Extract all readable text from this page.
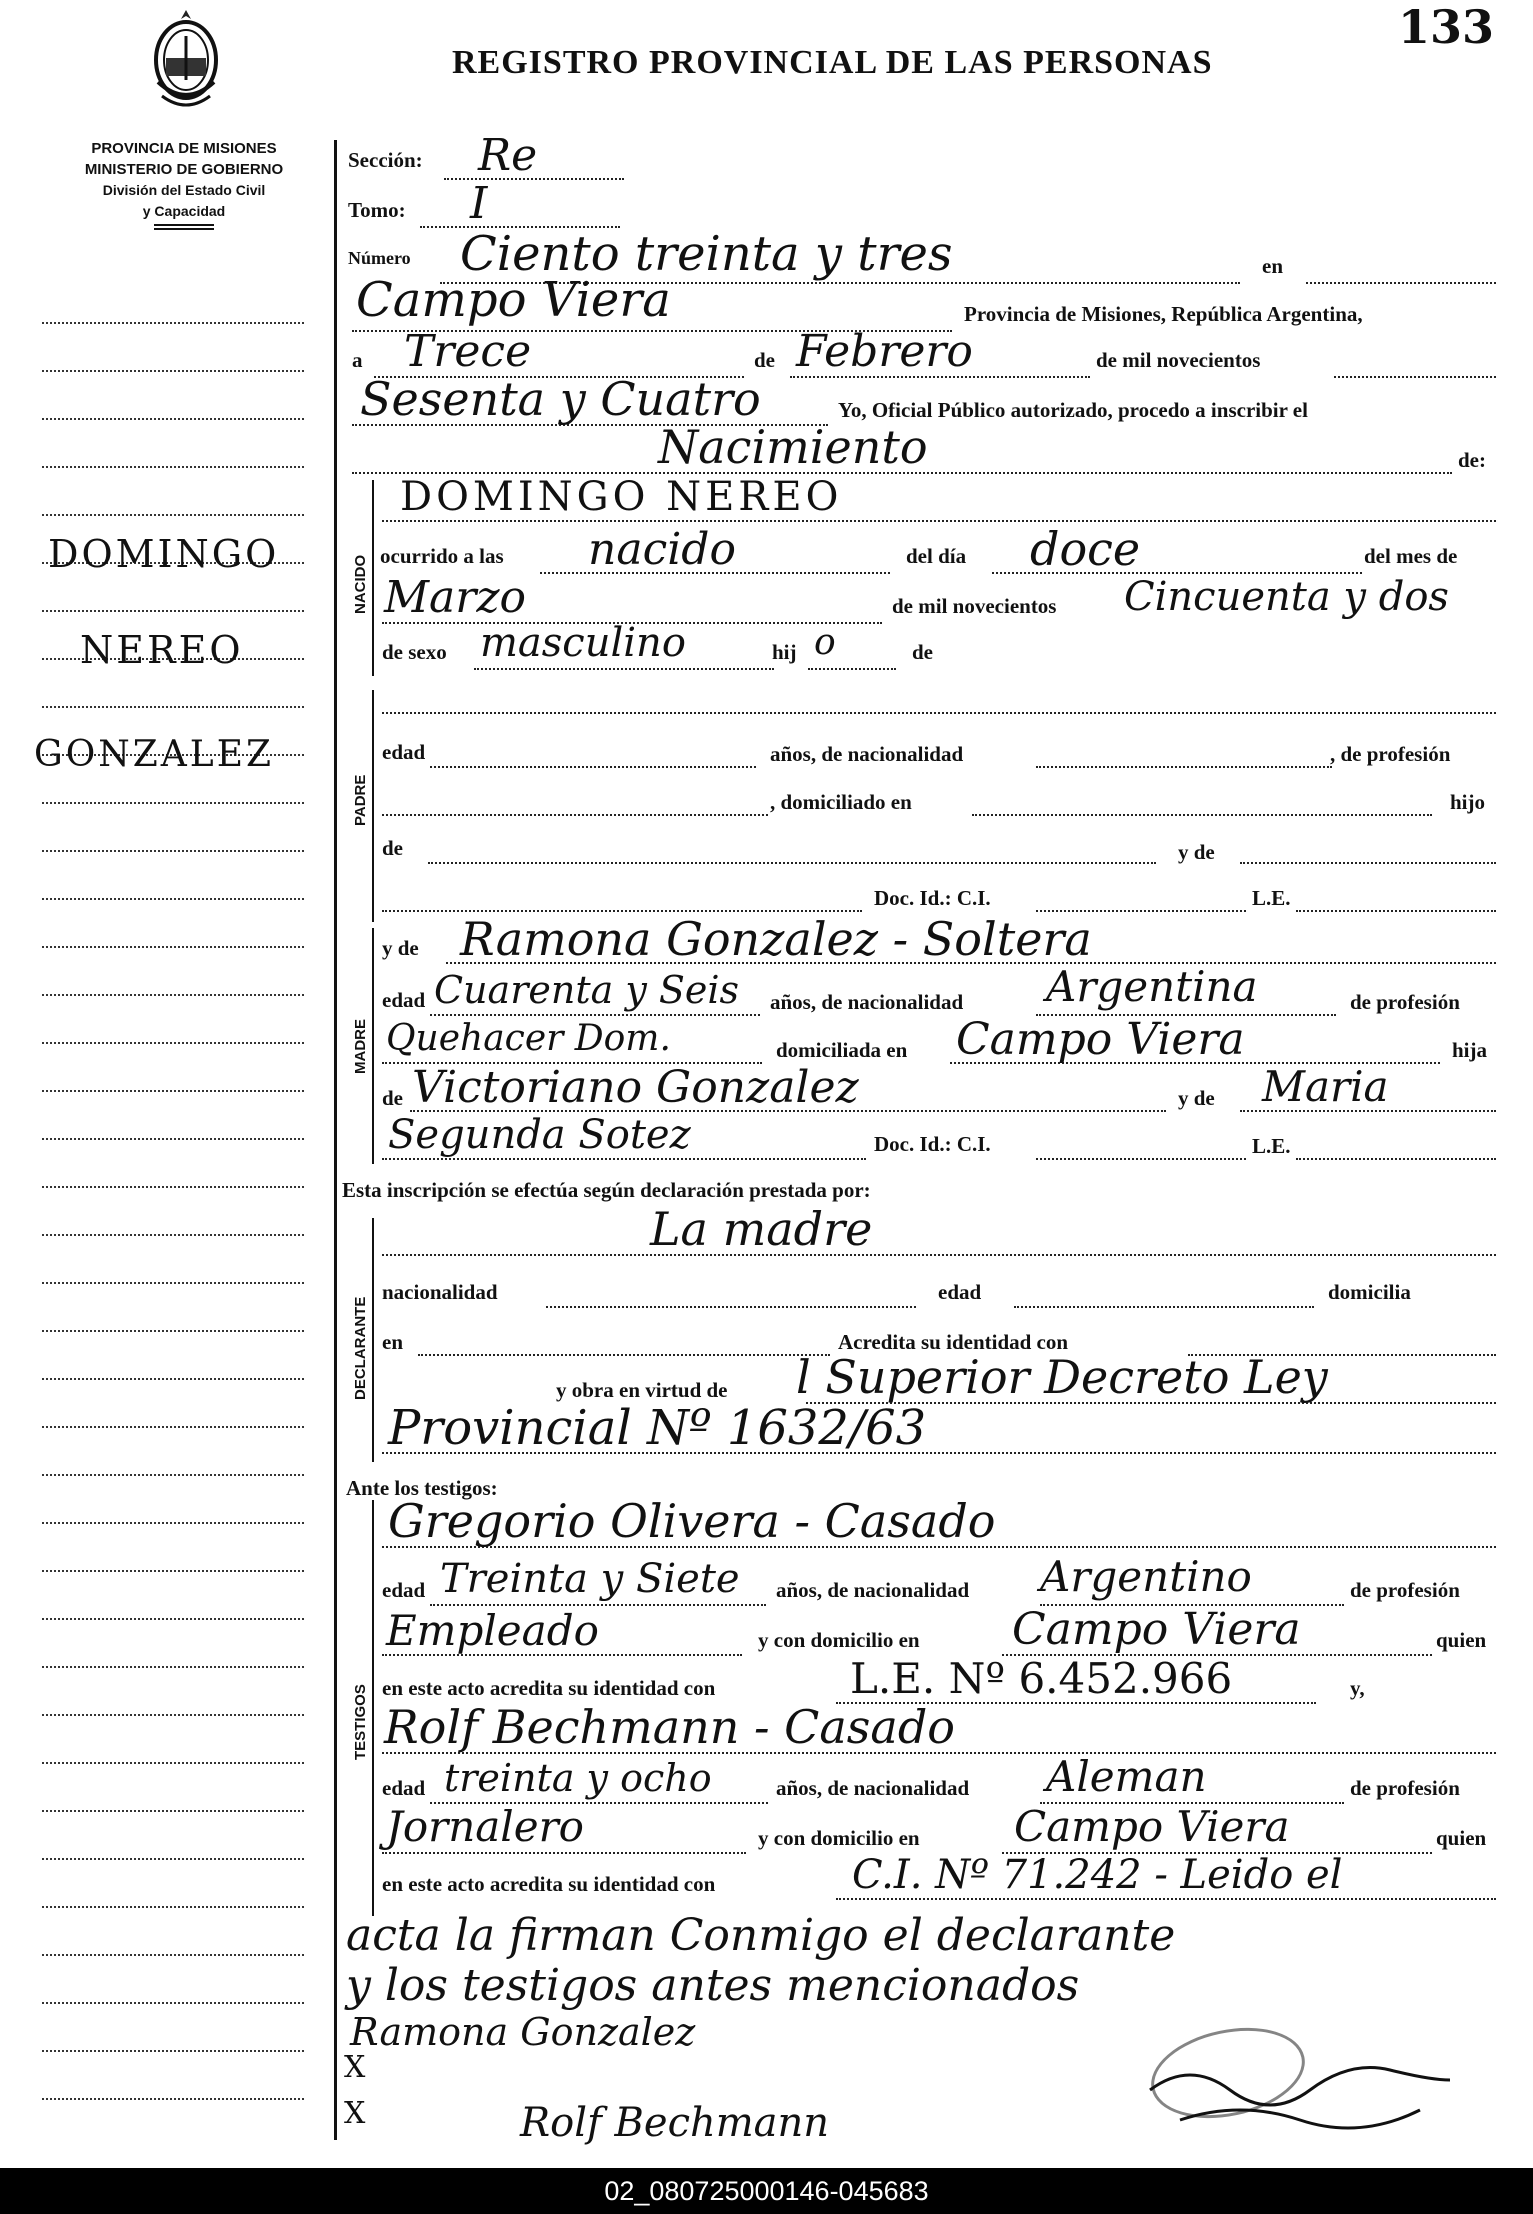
133
REGISTRO PROVINCIAL DE LAS PERSONAS
PROVINCIA DE MISIONES
MINISTERIO DE GOBIERNO
División del Estado Civil
y Capacidad
DOMINGO
NEREO
GONZALEZ
Sección: Re
Tomo: I
Número Ciento treinta y tres	en
Campo Viera	Provincia de Misiones, República Argentina,
a Trece	de Febrero	de mil novecientos
Sesenta y Cuatro	Yo, Oficial Público autorizado, procedo a inscribir el
Nacimiento	de:
NACIDO
DOMINGO NEREO
ocurrido a las nacido	del día doce	del mes de
Marzo	de mil novecientos Cincuenta y dos
de sexo masculino	hij o	de
PADRE
edad	años, de nacionalidad	, de profesión
, domiciliado en	hijo
de	y de
Doc. Id.: C.I.	L.E.
MADRE
y de Ramona Gonzalez - Soltera
edad Cuarenta y Seis años, de nacionalidad Argentina	de profesión
Quehacer Dom.	domiciliada en Campo Viera	hija
de Victoriano Gonzalez	y de Maria
Segunda Sotez	Doc. Id.: C.I.	L.E.
Esta inscripción se efectúa según declaración prestada por:
DECLARANTE
La madre
nacionalidad	edad	domicilia
en	Acredita su identidad con
y obra en virtud de l Superior Decreto Ley
Provincial Nº 1632/63
Ante los testigos:
TESTIGOS
Gregorio Olivera - Casado
edad Treinta y Siete años, de nacionalidad Argentino	de profesión
Empleado	y con domicilio en Campo Viera	quien
en este acto acredita su identidad con	L.E. Nº 6.452.966	y,
Rolf Bechmann - Casado
edad treinta y ocho	años, de nacionalidad Aleman	de profesión
Jornalero	y con domicilio en Campo Viera	quien
en este acto acredita su identidad con	C.I. Nº 71.242 - Leido el
acta la firman Conmigo el declarante
y los testigos antes mencionados
Ramona Gonzalez
Rolf Bechmann
X
X
02_080725000146-045683
